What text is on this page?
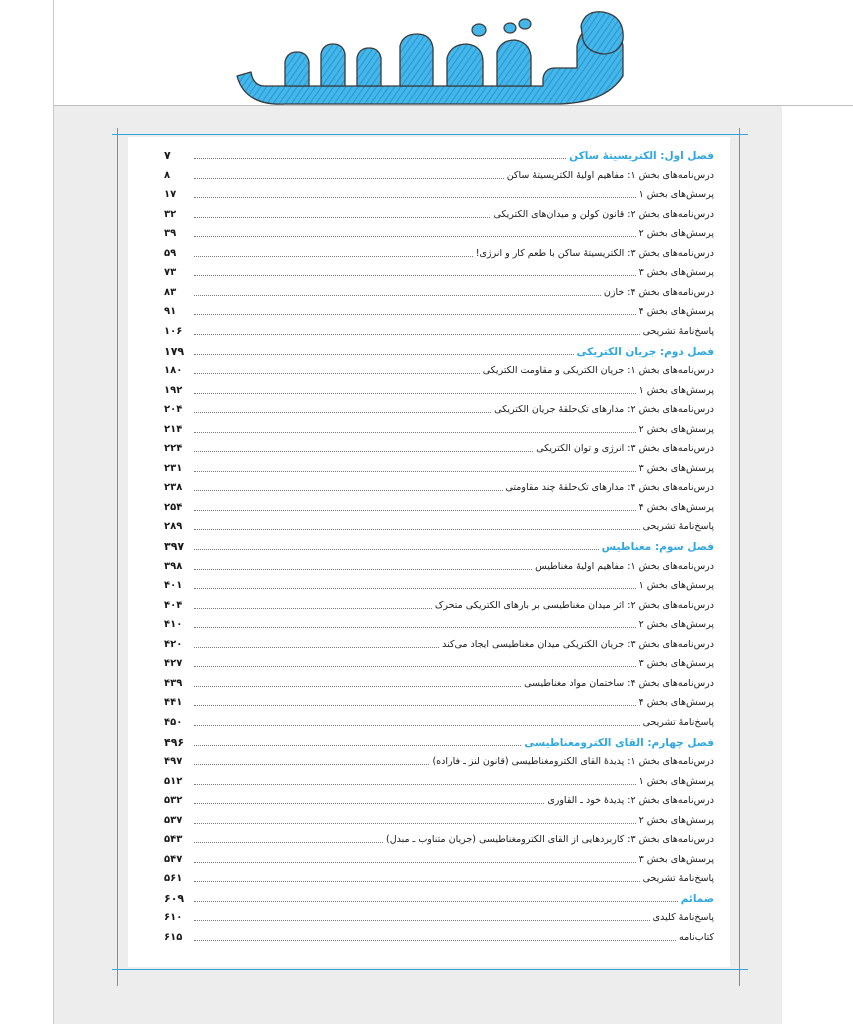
فصل اول: الکتریسیتهٔ ساکن
۷
درس‌نامه‌های بخش ۱: مفاهیم اولیهٔ الکتریسیتهٔ ساکن
۸
پرسش‌های بخش ۱
۱۷
درس‌نامه‌های بخش ۲: قانون کولن و میدان‌های الکتریکی
۳۲
پرسش‌های بخش ۲
۳۹
درس‌نامه‌های بخش ۳: الکتریسیتهٔ ساکن با طعم کار و انرژی!
۵۹
پرسش‌های بخش ۳
۷۳
درس‌نامه‌های بخش ۴: خازن
۸۳
پرسش‌های بخش ۴
۹۱
پاسخ‌نامهٔ تشریحی
۱۰۶
فصل دوم: جریان الکتریکی
۱۷۹
درس‌نامه‌های بخش ۱: جریان الکتریکی و مقاومت الکتریکی
۱۸۰
پرسش‌های بخش ۱
۱۹۲
درس‌نامه‌های بخش ۲: مدارهای تک‌حلقهٔ جریان الکتریکی
۲۰۴
پرسش‌های بخش ۲
۲۱۴
درس‌نامه‌های بخش ۳: انرژی و توان الکتریکی
۲۲۴
پرسش‌های بخش ۳
۲۳۱
درس‌نامه‌های بخش ۴: مدارهای تک‌حلقهٔ چند مقاومتی
۲۳۸
پرسش‌های بخش ۴
۲۵۴
پاسخ‌نامهٔ تشریحی
۲۸۹
فصل سوم: مغناطیس
۳۹۷
درس‌نامه‌های بخش ۱: مفاهیم اولیهٔ مغناطیس
۳۹۸
پرسش‌های بخش ۱
۴۰۱
درس‌نامه‌های بخش ۲: اثر میدان مغناطیسی بر بارهای الکتریکی متحرک
۴۰۴
پرسش‌های بخش ۲
۴۱۰
درس‌نامه‌های بخش ۳: جریان الکتریکی میدان مغناطیسی ایجاد می‌کند
۴۲۰
پرسش‌های بخش ۳
۴۲۷
درس‌نامه‌های بخش ۴: ساختمان مواد مغناطیسی
۴۳۹
پرسش‌های بخش ۴
۴۴۱
پاسخ‌نامهٔ تشریحی
۴۵۰
فصل چهارم: القای الکترومغناطیسی
۴۹۶
درس‌نامه‌های بخش ۱: پدیدهٔ القای الکترومغناطیسی (قانون لنز ـ فاراده)
۴۹۷
پرسش‌های بخش ۱
۵۱۲
درس‌نامه‌های بخش ۲: پدیدهٔ خود ـ القاوری
۵۳۲
پرسش‌های بخش ۲
۵۳۷
درس‌نامه‌های بخش ۳: کاربردهایی از القای الکترومغناطیسی (جریان متناوب ـ مبدل)
۵۴۳
پرسش‌های بخش ۳
۵۴۷
پاسخ‌نامهٔ تشریحی
۵۶۱
ضمائم
۶۰۹
پاسخ‌نامهٔ کلیدی
۶۱۰
کتاب‌نامه
۶۱۵
